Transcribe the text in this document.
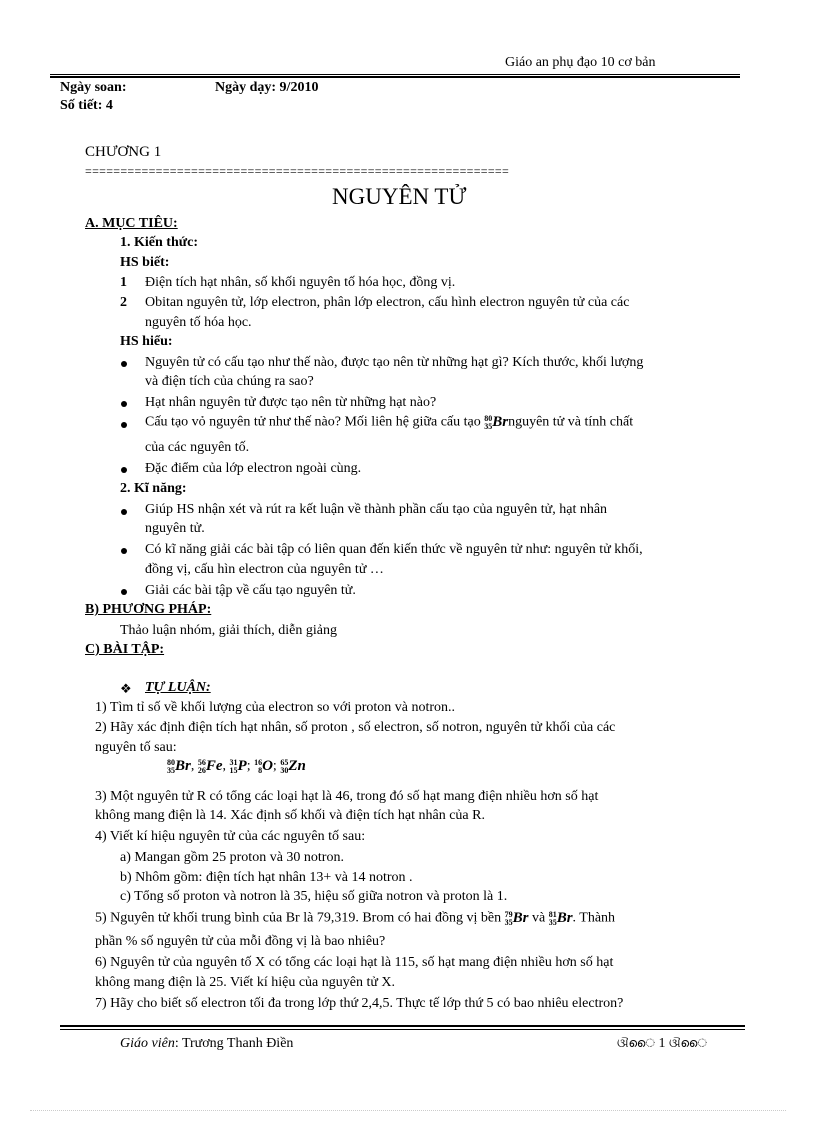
Giáo an phụ đạo 10 cơ bản
Ngày soan:	Ngày dạy: 9/2010
Số tiết: 4
CHƯƠNG 1
============================================================
NGUYÊN TỬ
A. MỤC TIÊU:
1. Kiến thức:
HS biết:
1 Điện tích hạt nhân, số khối nguyên tố hóa học, đồng vị.
2 Obitan nguyên tử, lớp electron, phân lớp electron, cấu hình electron nguyên tử của các
nguyên tố hóa học.
HS hiểu:
Nguyên tử có cấu tạo như thế nào, được tạo nên từ những hạt gì? Kích thước, khối lượng
và điện tích của chúng ra sao?
Hạt nhân nguyên tử được tạo nên từ những hạt nào?
Cấu tạo vỏ nguyên tử như thế nào? Mối liên hệ giữa cấu tạo 80
35Brnguyên tử và tính chất
của các nguyên tố.
Đặc điểm của lớp electron ngoài cùng.
2. Kĩ năng:
Giúp HS nhận xét và rút ra kết luận về thành phần cấu tạo của nguyên tử, hạt nhân
nguyên tử.
Có kĩ năng giải các bài tập có liên quan đến kiến thức về nguyên tử như: nguyên tử khối,
đồng vị, cấu hìn electron của nguyên tử …
Giải các bài tập về cấu tạo nguyên tử.
B) PHƯƠNG PHÁP:
Thảo luận nhóm, giải thích, diễn giảng
C) BÀI TẬP:
❖ TỰ LUẬN:
1) Tìm tỉ số về khối lượng của electron so với proton và notron..
2) Hãy xác định điện tích hạt nhân, số proton , số electron, số notron, nguyên tử khối của các
nguyên tố sau:
80
35Br, 56
26Fe, 31
15P; 16
8O; 65
30Zn
3) Một nguyên tử R có tổng các loại hạt là 46, trong đó số hạt mang điện nhiều hơn số hạt
không mang điện là 14. Xác định số khối và điện tích hạt nhân của R.
4) Viết kí hiệu nguyên tử của các nguyên tố sau:
a) Mangan gồm 25 proton và 30 notron.
b) Nhôm gồm: điện tích hạt nhân 13+ và 14 notron .
c) Tổng số proton và notron là 35, hiệu số giữa notron và proton là 1.
5) Nguyên tử khối trung bình của Br là 79,319. Brom có hai đồng vị bền 79
35Br và 81
35Br. Thành
phần % số nguyên tử của mỗi đồng vị là bao nhiêu?
6) Nguyên tử của nguyên tố X có tổng các loại hạt là 115, số hạt mang điện nhiều hơn số hạt
không mang điện là 25. Viết kí hiệu của nguyên tử X.
7) Hãy cho biết số electron tối đa trong lớp thứ 2,4,5. Thực tế lớp thứ 5 có bao nhiêu electron?
Giáo viên: Trương Thanh Điền	ଔൈ 1 ଔൈ
